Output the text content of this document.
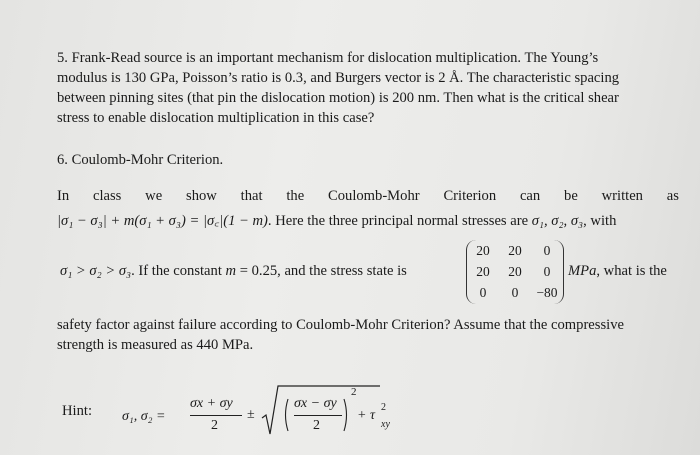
5. Frank-Read source is an important mechanism for dislocation multiplication. The Young’s
modulus is 130 GPa, Poisson’s ratio is 0.3, and Burgers vector is 2 Å. The characteristic spacing
between pinning sites (that pin the dislocation motion) is 200 nm. Then what is the critical shear
stress to enable dislocation multiplication in this case?
6. Coulomb-Mohr Criterion.
In class we show that the Coulomb-Mohr Criterion can be written as
|σ₁ − σ₃| + m(σ₁ + σ₃) = |σ꜀|(1 − m). Here the three principal normal stresses are σ₁, σ₂, σ₃, with
σ₁ > σ₂ > σ₃. If the constant m = 0.25, and the stress state is
20	20	0
20	20	0
0	0	−80
MPa, what is the
safety factor against failure according to Coulomb-Mohr Criterion? Assume that the compressive
strength is measured as 440 MPa.
Hint: σ₁, σ₂ =
σx + σy
2
±
σx − σy
2
2
+ τ
2
xy
